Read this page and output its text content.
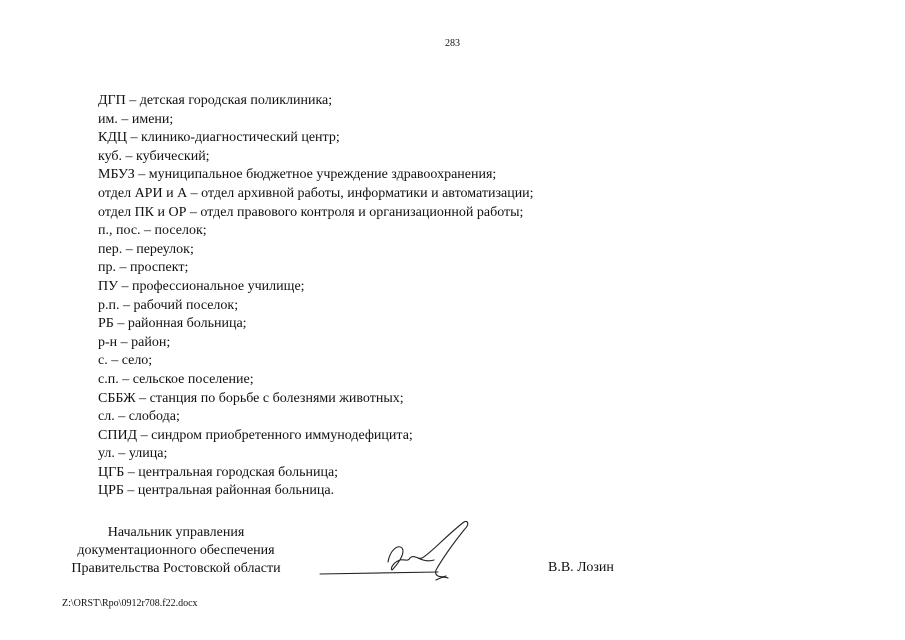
283
ДГП – детская городская поликлиника;
им. – имени;
КДЦ – клинико-диагностический центр;
куб. – кубический;
МБУЗ – муниципальное бюджетное учреждение здравоохранения;
отдел АРИ и А – отдел архивной работы, информатики и автоматизации;
отдел ПК и ОР – отдел правового контроля и организационной работы;
п., пос. – поселок;
пер. – переулок;
пр. – проспект;
ПУ – профессиональное училище;
р.п. – рабочий поселок;
РБ – районная больница;
р-н – район;
с. – село;
с.п. – сельское поселение;
СББЖ – станция по борьбе с болезнями животных;
сл. – слобода;
СПИД – синдром приобретенного иммунодефицита;
ул. – улица;
ЦГБ – центральная городская больница;
ЦРБ – центральная районная больница.
Начальник управления
документационного обеспечения
Правительства Ростовской области	В.В. Лозин
Z:\ORST\Rpo\0912r708.f22.docx
